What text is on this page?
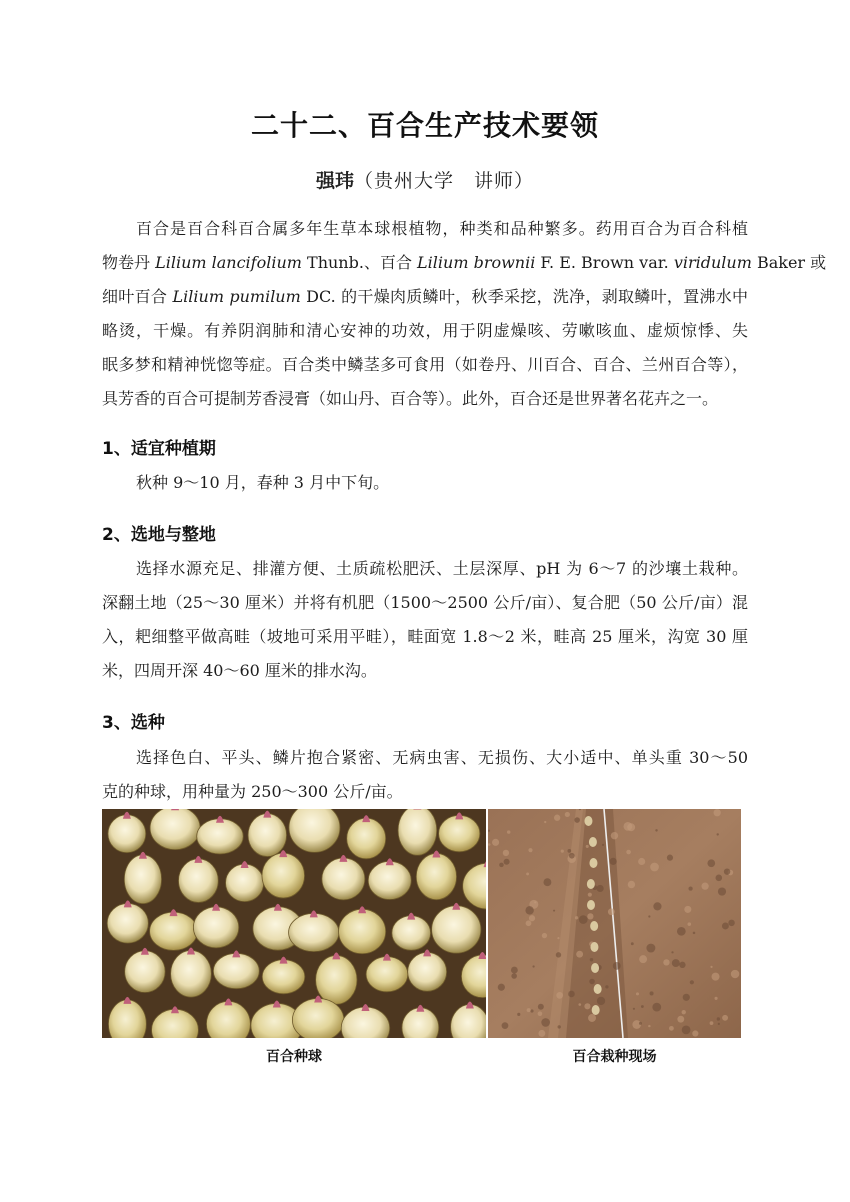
二十二、百合生产技术要领
强玮（贵州大学　讲师）
百合是百合科百合属多年生草本球根植物，种类和品种繁多。药用百合为百合科植
物卷丹 Lilium lancifolium Thunb.、百合 Lilium brownii F. E. Brown var. viridulum Baker 或
细叶百合 Lilium pumilum DC. 的干燥肉质鳞叶，秋季采挖，洗净，剥取鳞叶，置沸水中
略烫，干燥。有养阴润肺和清心安神的功效，用于阴虚燥咳、劳嗽咳血、虚烦惊悸、失
眠多梦和精神恍惚等症。百合类中鳞茎多可食用（如卷丹、川百合、百合、兰州百合等），
具芳香的百合可提制芳香浸膏（如山丹、百合等）。此外，百合还是世界著名花卉之一。
1、适宜种植期
秋种 9～10 月，春种 3 月中下旬。
2、选地与整地
选择水源充足、排灌方便、土质疏松肥沃、土层深厚、pH 为 6～7 的沙壤土栽种。
深翻土地（25～30 厘米）并将有机肥（1500～2500 公斤/亩）、复合肥（50 公斤/亩）混
入，耙细整平做高畦（坡地可采用平畦），畦面宽 1.8～2 米，畦高 25 厘米，沟宽 30 厘
米，四周开深 40～60 厘米的排水沟。
3、选种
选择色白、平头、鳞片抱合紧密、无病虫害、无损伤、大小适中、单头重 30～50
克的种球，用种量为 250～300 公斤/亩。
百合种球	百合栽种现场
